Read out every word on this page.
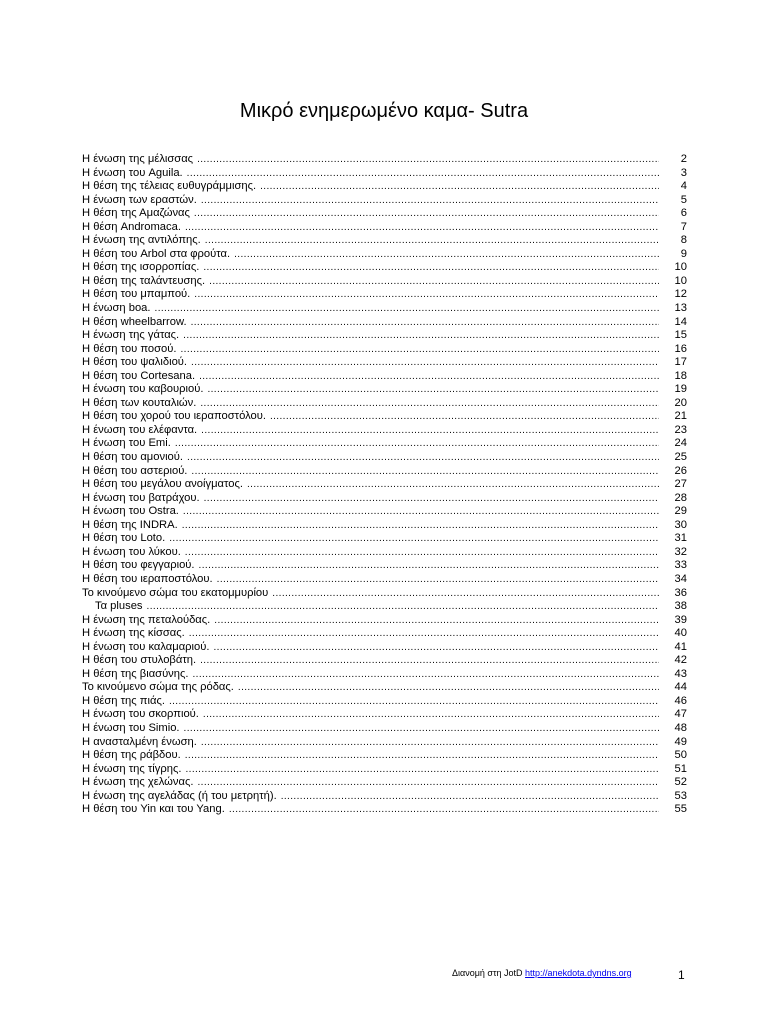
Μικρό ενημερωμένο καμα- Sutra
Η ένωση της μέλισσας .....	2
Η ένωση του Aguila. .....	3
Η θέση της τέλειας ευθυγράμμισης. .....	4
Η ένωση των εραστών. .....	5
Η θέση της Αμαζώνας .....	6
Η θέση Andromaca. .....	7
Η ένωση της αντιλόπης. .....	8
Η θέση του Arbol στα φρούτα. .....	9
Η θέση της ισορροπίας. .....	10
Η θέση της ταλάντευσης. .....	10
Η θέση του μπαμπού. .....	12
Η ένωση boa. .....	13
Η θέση wheelbarrow. .....	14
Η ένωση της γάτας. .....	15
Η θέση του ποσού. .....	16
Η θέση του ψαλιδιού. .....	17
Η θέση του Cortesana. .....	18
Η ένωση του καβουριού. .....	19
Η θέση των κουταλιών. .....	20
Η θέση του χορού του ιεραποστόλου. .....	21
Η ένωση του ελέφαντα. .....	23
Η ένωση του Emi. .....	24
Η θέση του αμονιού. .....	25
Η θέση του αστεριού. .....	26
Η θέση του μεγάλου ανοίγματος. .....	27
Η ένωση του βατράχου. .....	28
Η ένωση του Ostra. .....	29
Η θέση της INDRA. .....	30
Η θέση του Loto. .....	31
Η ένωση του λύκου. .....	32
Η θέση του φεγγαριού. .....	33
Η θέση του ιεραποστόλου. .....	34
Το κινούμενο σώμα του εκατομμυρίου .....	36
Τα pluses .....	38
Η ένωση της πεταλούδας. .....	39
Η ένωση της κίσσας. .....	40
Η ένωση του καλαμαριού. .....	41
Η θέση του στυλοβάτη. .....	42
Η θέση της βιασύνης. .....	43
Το κινούμενο σώμα της ρόδας. .....	44
Η θέση της πιάς. .....	46
Η ένωση του σκορπιού. .....	47
Η ένωση του Simio. .....	48
Η ανασταλμένη ένωση. .....	49
Η θέση της ράβδου. .....	50
Η ένωση της τίγρης. .....	51
Η ένωση της χελώνας. .....	52
Η ένωση της αγελάδας (ή του μετρητή). .....	53
Η θέση του Yin και του Yang. .....	55
Διανομή στη JotD http://anekdota.dyndns.org	1
